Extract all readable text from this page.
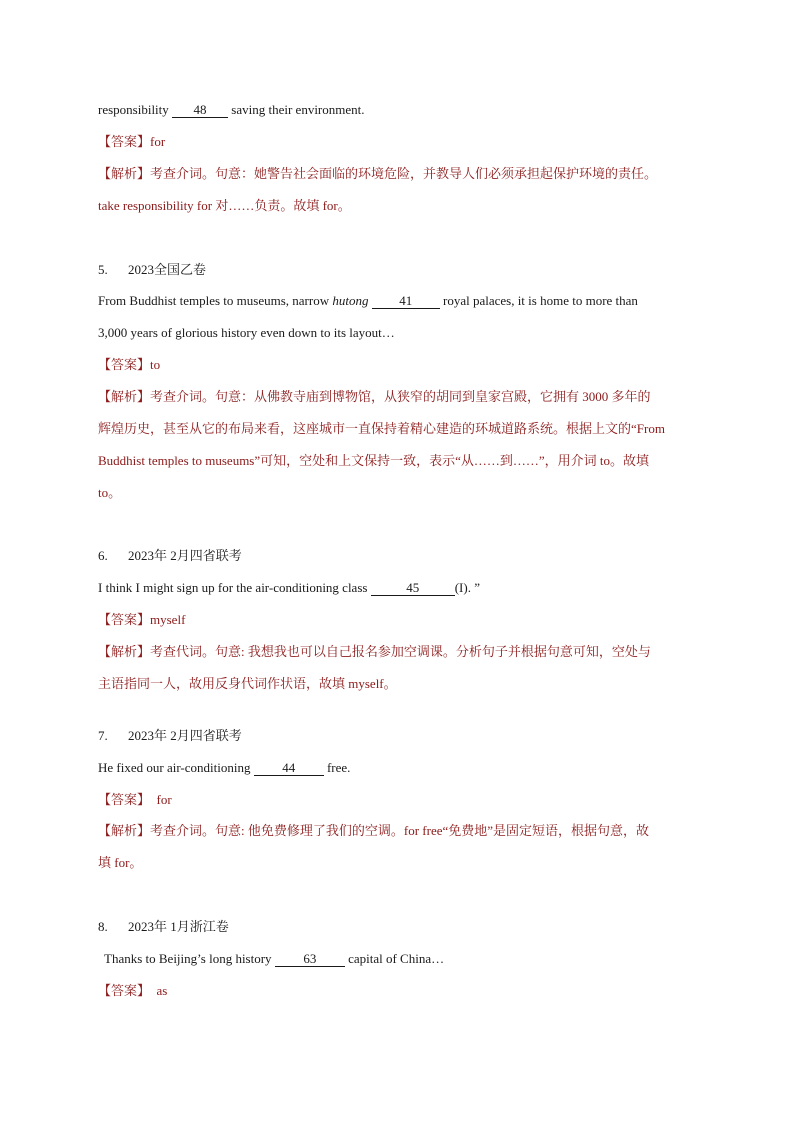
responsibility 48 saving their environment.
【答案】for
【解析】考查介词。句意：她警告社会面临的环境危险，并教导人们必须承担起保护环境的责任。
take responsibility for 对……负责。故填 for。
5. 2023全国乙卷
From Buddhist temples to museums, narrow hutong 41 royal palaces, it is home to more than
3,000 years of glorious history even down to its layout…
【答案】to
【解析】考查介词。句意：从佛教寺庙到博物馆，从狭窄的胡同到皇家宫殿，它拥有 3000 多年的
辉煌历史，甚至从它的布局来看，这座城市一直保持着精心建造的环城道路系统。根据上文的“From
Buddhist temples to museums”可知，空处和上文保持一致，表示“从……到……”，用介词 to。故填
to。
6. 2023年 2月四省联考
I think I might sign up for the air-conditioning class	45	(I). ”
【答案】myself
【解析】考查代词。句意: 我想我也可以自己报名参加空调课。分析句子并根据句意可知，空处与
主语指同一人，故用反身代词作状语，故填 myself。
7. 2023年 2月四省联考
He fixed our air-conditioning 44 free.
【答案】 for
【解析】考查介词。句意: 他免费修理了我们的空调。for free“免费地”是固定短语，根据句意，故
填 for。
8. 2023年 1月浙江卷
Thanks to Beijing’s long history 63 capital of China…
【答案】 as
